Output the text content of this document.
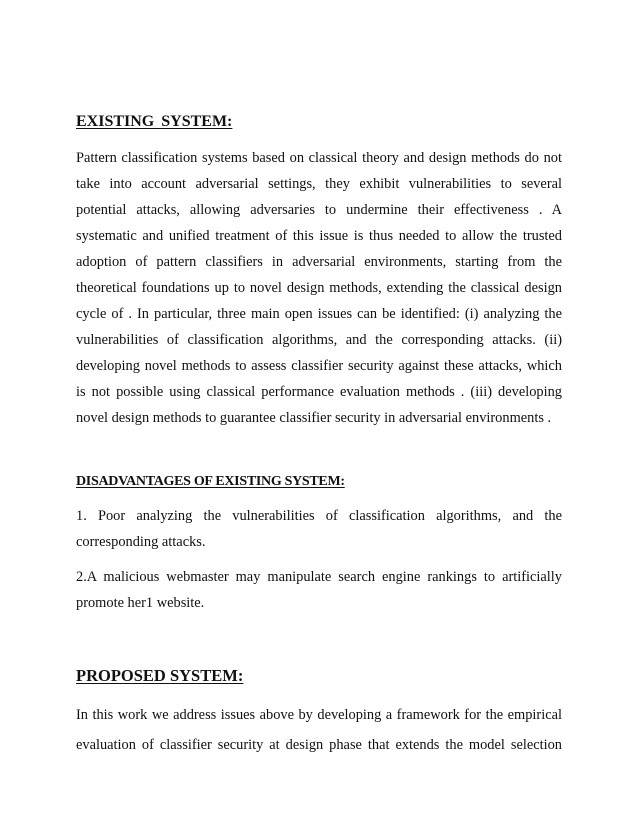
EXISTING SYSTEM:
Pattern classification systems based on classical theory and design methods do not
take into account adversarial settings, they exhibit vulnerabilities to several
potential attacks, allowing adversaries to undermine their effectiveness . A
systematic and unified treatment of this issue is thus needed to allow the trusted
adoption of pattern classifiers in adversarial environments, starting from the
theoretical foundations up to novel design methods, extending the classical design
cycle of . In particular, three main open issues can be identified: (i) analyzing the
vulnerabilities of classification algorithms, and the corresponding attacks. (ii)
developing novel methods to assess classifier security against these attacks, which
is not possible using classical performance evaluation methods . (iii) developing
novel design methods to guarantee classifier security in adversarial environments .
DISADVANTAGES OF EXISTING SYSTEM:
1. Poor analyzing the vulnerabilities of classification algorithms, and the
corresponding attacks.
2.A malicious webmaster may manipulate search engine rankings to artificially
promote her1 website.
PROPOSED SYSTEM:
In this work we address issues above by developing a framework for the empirical
evaluation of classifier security at design phase that extends the model selection
